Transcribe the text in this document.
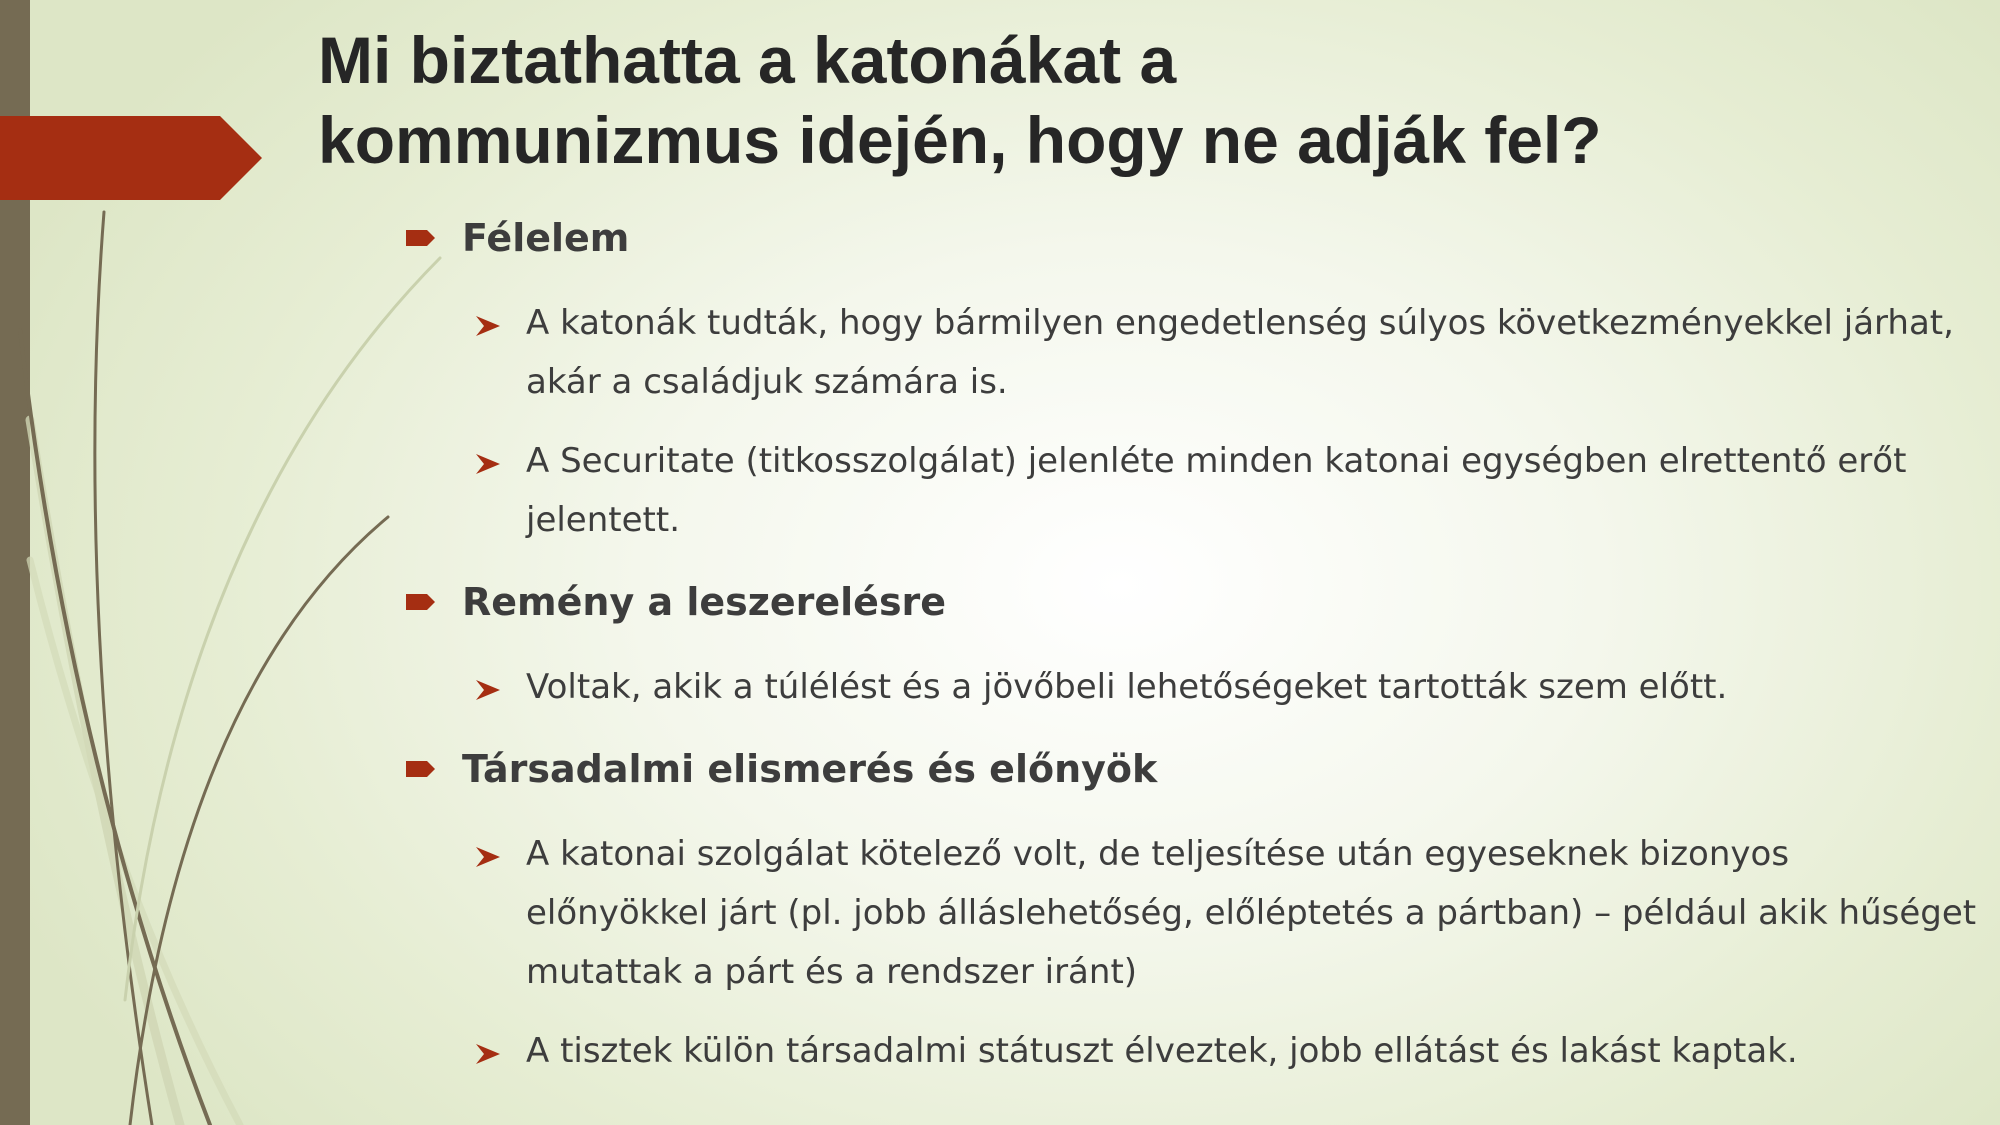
Mi biztathatta a katonákat a
kommunizmus idején, hogy ne adják fel?
Félelem
A katonák tudták, hogy bármilyen engedetlenség súlyos következményekkel járhat, akár a családjuk számára is.
A Securitate (titkosszolgálat) jelenléte minden katonai egységben elrettentő erőt jelentett.
Remény a leszerelésre
Voltak, akik a túlélést és a jövőbeli lehetőségeket tartották szem előtt.
Társadalmi elismerés és előnyök
A katonai szolgálat kötelező volt, de teljesítése után egyeseknek bizonyos előnyökkel járt (pl. jobb álláslehetőség, előléptetés a pártban) – például akik hűséget mutattak a párt és a rendszer iránt)
A tisztek külön társadalmi státuszt élveztek, jobb ellátást és lakást kaptak.
